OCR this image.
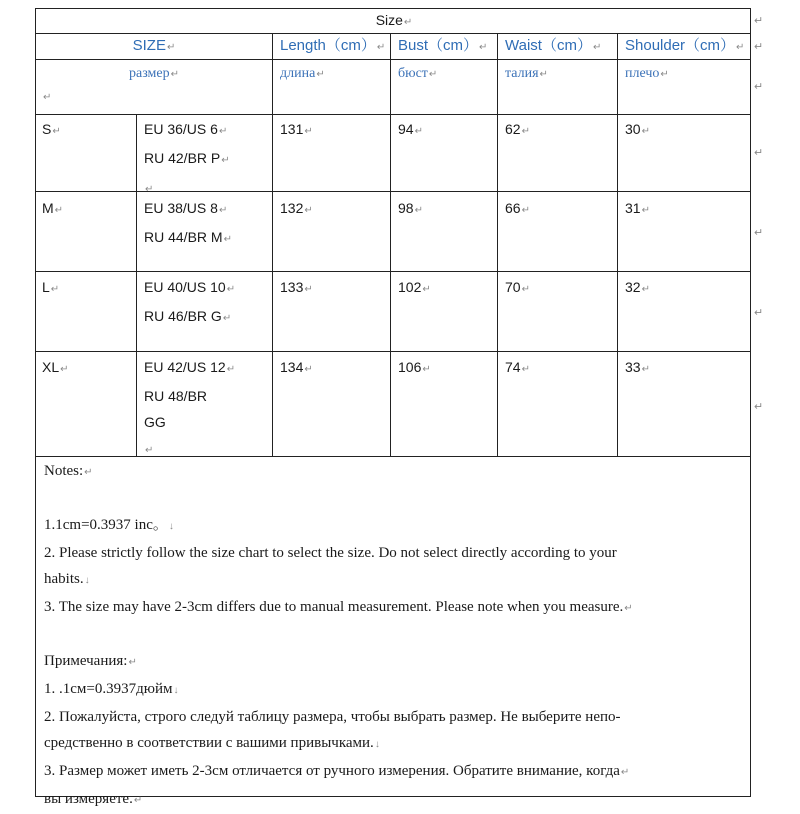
Size↵
SIZE↵	Length（cm）↵ Bust（cm）↵	Waist（cm）↵	Shoulder（cm）↵
размер↵
↵
длина↵	бюст↵	талия↵	плечо↵
S↵	EU 36/US 6↵
RU 42/BR P↵
↵
131↵	94↵	62↵	30↵
M↵	EU 38/US 8↵
RU 44/BR M↵
132↵	98↵	66↵	31↵
L↵	EU 40/US 10↵
RU 46/BR G↵
133↵	102↵	70↵	32↵
XL↵	EU 42/US 12↵
RU 48/BR
GG
↵
134↵	106↵	74↵	33↵
↵
↵
↵
↵
↵
↵
↵
Notes:↵
1.1cm=0.3937 inc。↓
2. Please strictly follow the size chart to select the size. Do not select directly according to your
habits.↓
3. The size may have 2-3cm differs due to manual measurement. Please note when you measure.↵
Примечания:↵
1. .1см=0.3937дюйм↓
2. Пожалуйста, строго следуй таблицу размера, чтобы выбрать размер. Не выберите непо-
средственно в соответствии с вашими привычками.↓
3. Размер может иметь 2-3см отличается от ручного измерения. Обратите внимание, когда↵
вы измеряете.↵
